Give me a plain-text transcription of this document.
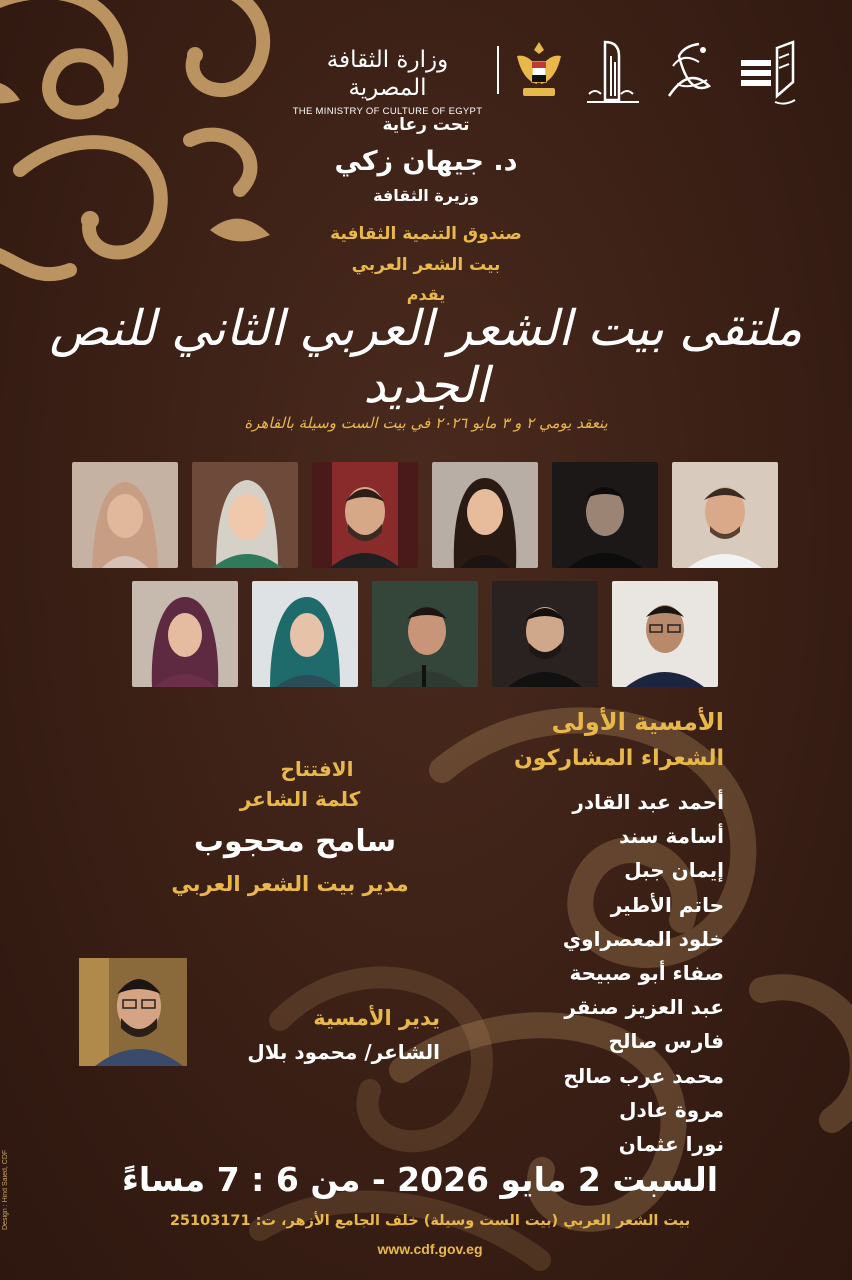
وزارة الثقافة المصرية
THE MINISTRY OF CULTURE OF EGYPT
تحت رعاية
د. جيهان زكي
وزيرة الثقافة
صندوق التنمية الثقافية
بيت الشعر العربي
يقدم
ملتقى بيت الشعر العربي الثاني للنص الجديد
ينعقد يومي ٢ و ٣ مايو ٢٠٢٦ في بيت الست وسيلة بالقاهرة
الأمسية الأولى
الشعراء المشاركون
أحمد عبد القادر
أسامة سند
إيمان جبل
حاتم الأطير
خلود المعصراوي
صفاء أبو صبيحة
عبد العزيز صنقر
فارس صالح
محمد عرب صالح
مروة عادل
نورا عثمان
الافتتاح
كلمة الشاعر
سامح محجوب
مدير بيت الشعر العربي
يدير الأمسية
الشاعر/ محمود بلال
السبت 2 مايو 2026 - من 6 : 7 مساءً
بيت الشعر العربي (بيت الست وسيلة) خلف الجامع الأزهر، ت: 25103171
www.cdf.gov.eg
Design : Hind Saied, CDF
